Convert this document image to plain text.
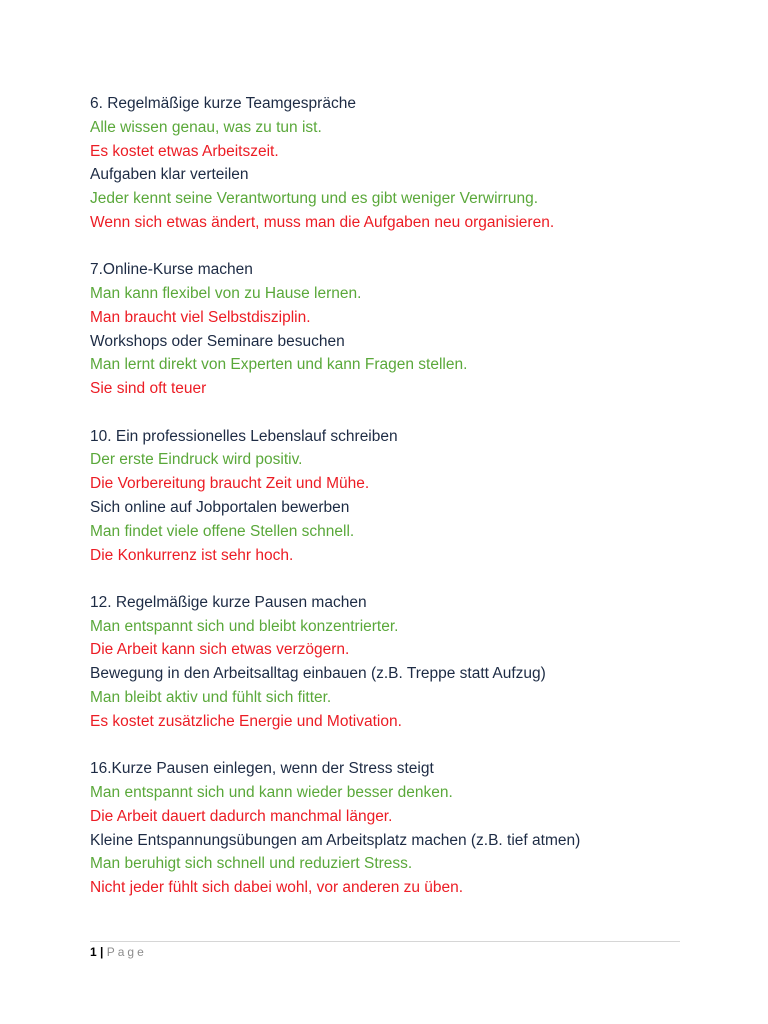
6. Regelmäßige kurze Teamgespräche
Alle wissen genau, was zu tun ist.
Es kostet etwas Arbeitszeit.
Aufgaben klar verteilen
Jeder kennt seine Verantwortung und es gibt weniger Verwirrung.
Wenn sich etwas ändert, muss man die Aufgaben neu organisieren.
7.Online-Kurse machen
Man kann flexibel von zu Hause lernen.
Man braucht viel Selbstdisziplin.
Workshops oder Seminare besuchen
Man lernt direkt von Experten und kann Fragen stellen.
Sie sind oft teuer
10. Ein professionelles Lebenslauf schreiben
Der erste Eindruck wird positiv.
Die Vorbereitung braucht Zeit und Mühe.
Sich online auf Jobportalen bewerben
Man findet viele offene Stellen schnell.
Die Konkurrenz ist sehr hoch.
12. Regelmäßige kurze Pausen machen
Man entspannt sich und bleibt konzentrierter.
Die Arbeit kann sich etwas verzögern.
Bewegung in den Arbeitsalltag einbauen (z.B. Treppe statt Aufzug)
Man bleibt aktiv und fühlt sich fitter.
Es kostet zusätzliche Energie und Motivation.
16.Kurze Pausen einlegen, wenn der Stress steigt
Man entspannt sich und kann wieder besser denken.
Die Arbeit dauert dadurch manchmal länger.
Kleine Entspannungsübungen am Arbeitsplatz machen (z.B. tief atmen)
Man beruhigt sich schnell und reduziert Stress.
Nicht jeder fühlt sich dabei wohl, vor anderen zu üben.
1 | Page
